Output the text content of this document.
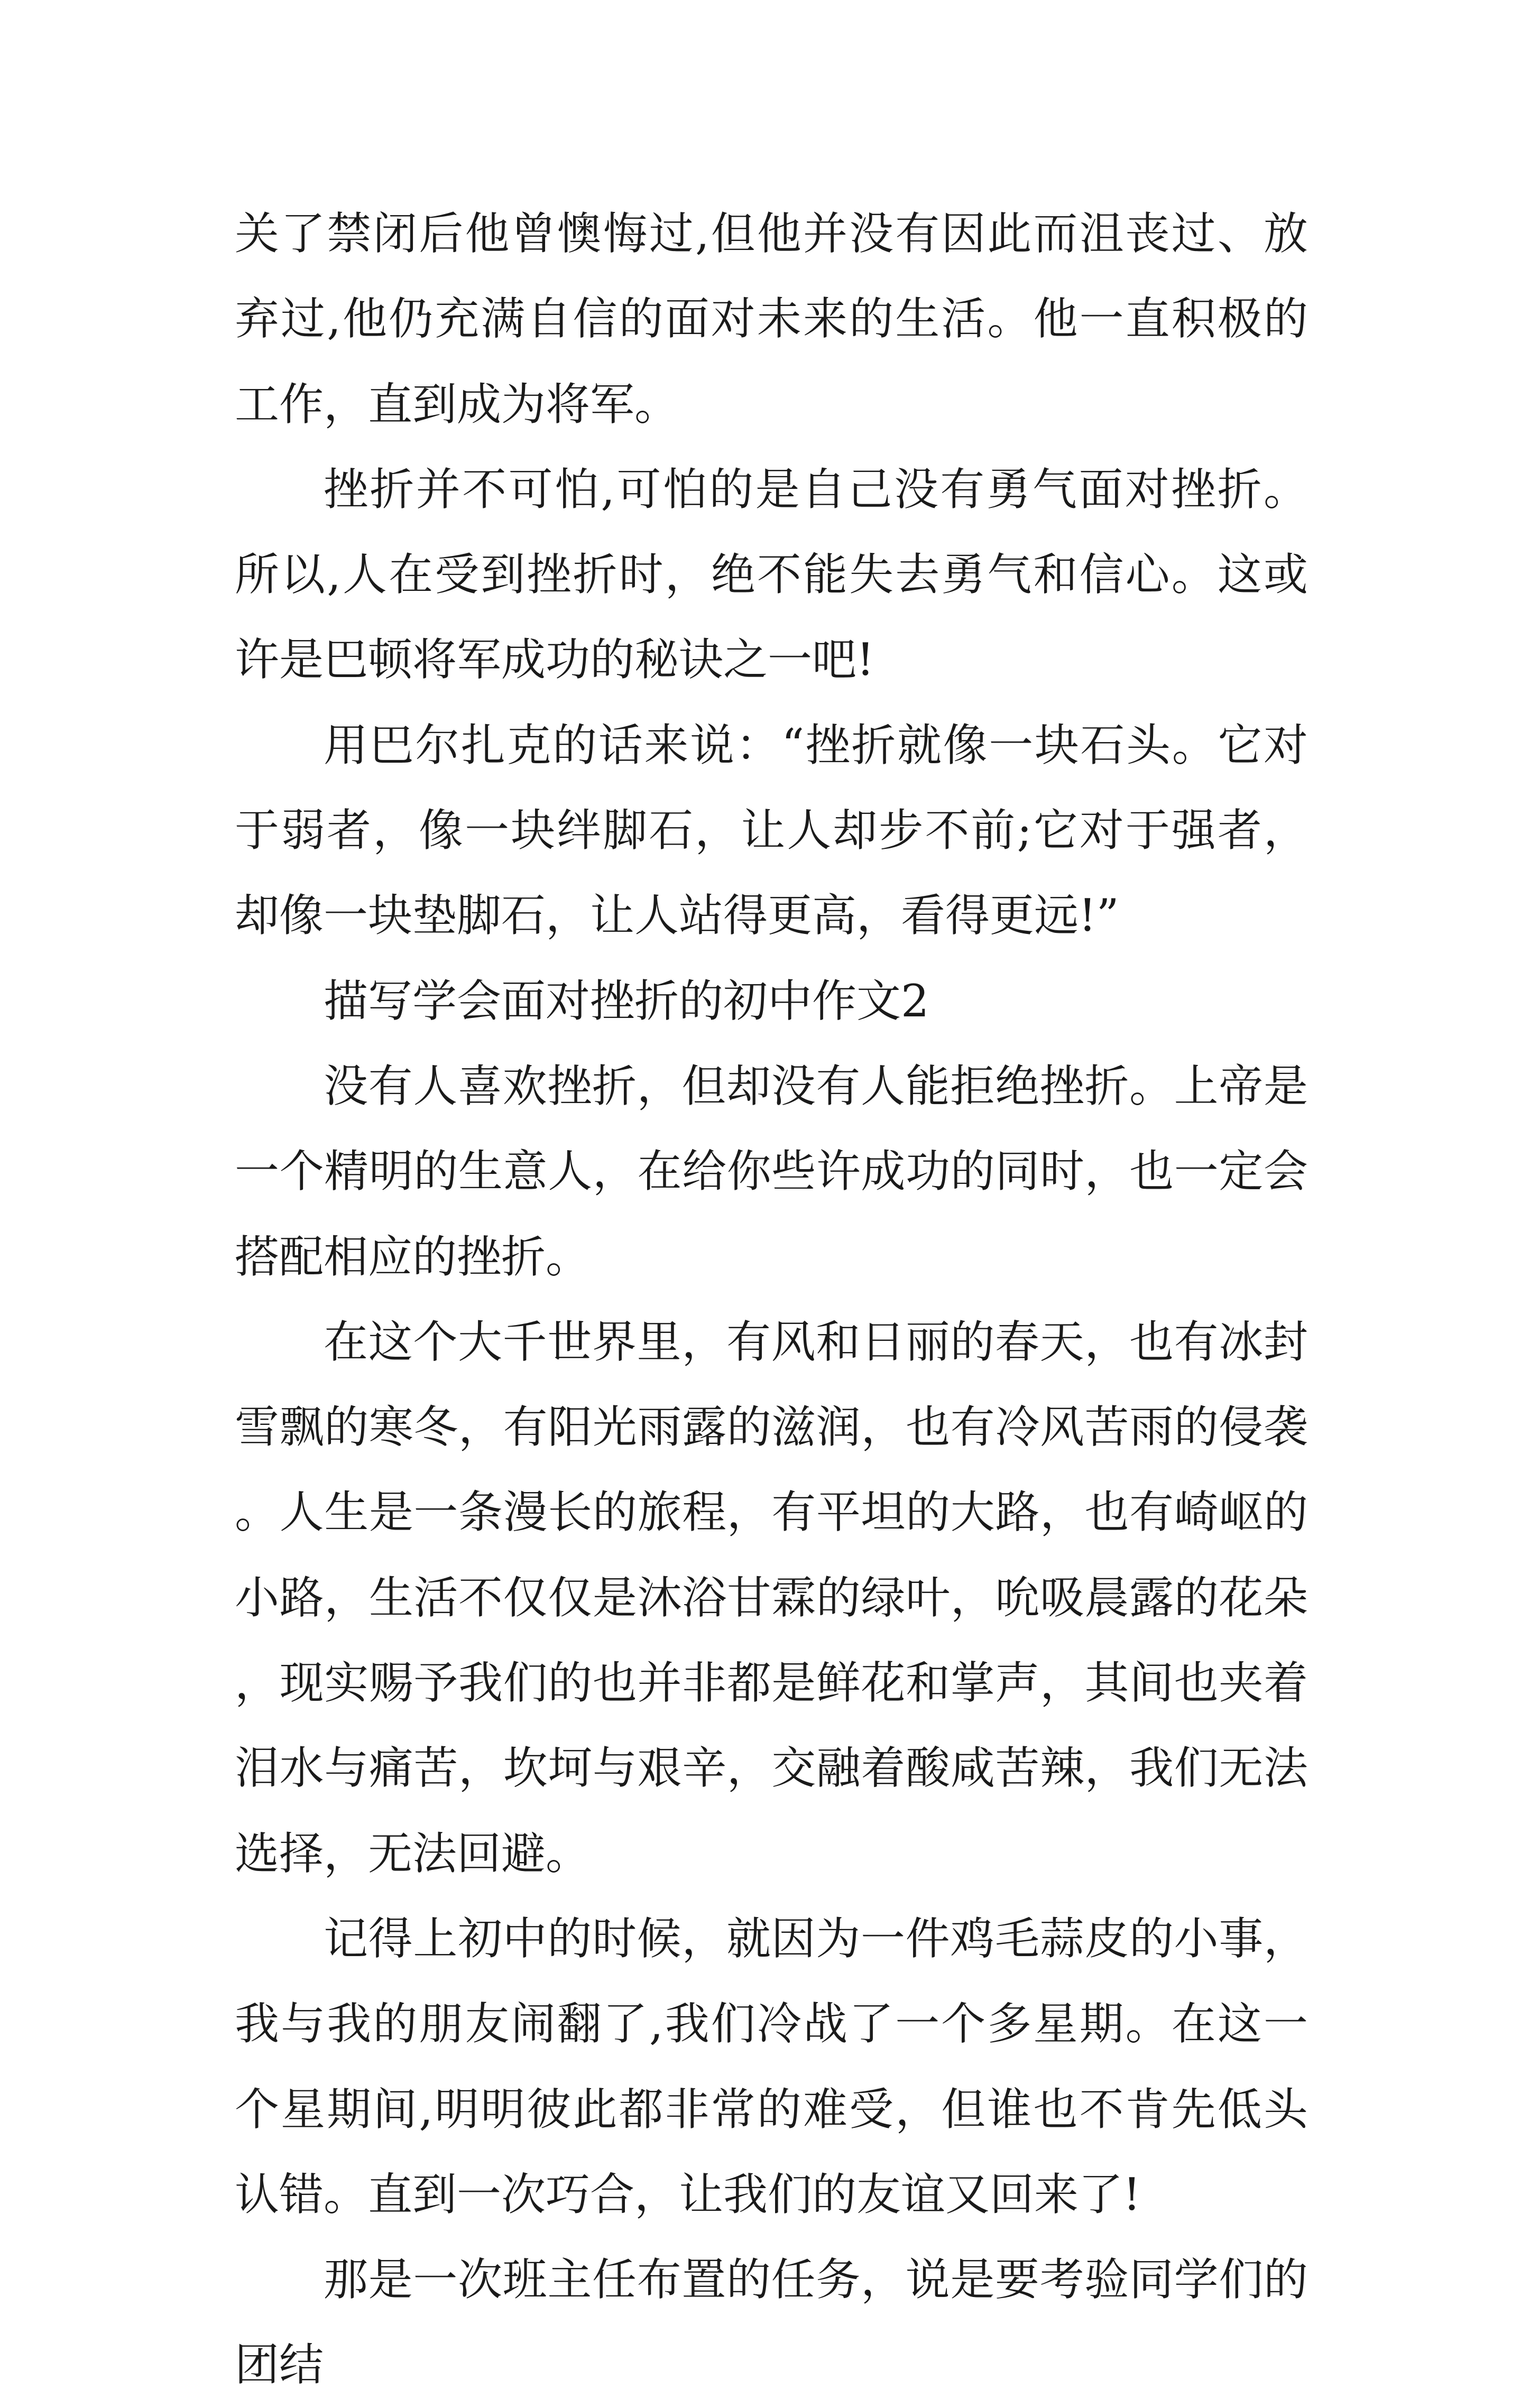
关了禁闭后他曾懊悔过,但他并没有因此而沮丧过、放弃过,他仍充满自信的面对未来的生活。他一直积极的工作，直到成为将军。

挫折并不可怕,可怕的是自己没有勇气面对挫折。所以,人在受到挫折时，绝不能失去勇气和信心。这或许是巴顿将军成功的秘诀之一吧!

用巴尔扎克的话来说：“挫折就像一块石头。它对于弱者，像一块绊脚石，让人却步不前;它对于强者，却像一块垫脚石，让人站得更高，看得更远!”

描写学会面对挫折的初中作文2

没有人喜欢挫折，但却没有人能拒绝挫折。上帝是一个精明的生意人，在给你些许成功的同时，也一定会搭配相应的挫折。

在这个大千世界里，有风和日丽的春天，也有冰封雪飘的寒冬，有阳光雨露的滋润，也有冷风苦雨的侵袭。人生是一条漫长的旅程，有平坦的大路，也有崎岖的小路，生活不仅仅是沐浴甘霖的绿叶，吮吸晨露的花朵，现实赐予我们的也并非都是鲜花和掌声，其间也夹着泪水与痛苦，坎坷与艰辛，交融着酸咸苦辣，我们无法选择，无法回避。

记得上初中的时候，就因为一件鸡毛蒜皮的小事，我与我的朋友闹翻了,我们冷战了一个多星期。在这一个星期间,明明彼此都非常的难受，但谁也不肯先低头认错。直到一次巧合，让我们的友谊又回来了!

那是一次班主任布置的任务，说是要考验同学们的团结
